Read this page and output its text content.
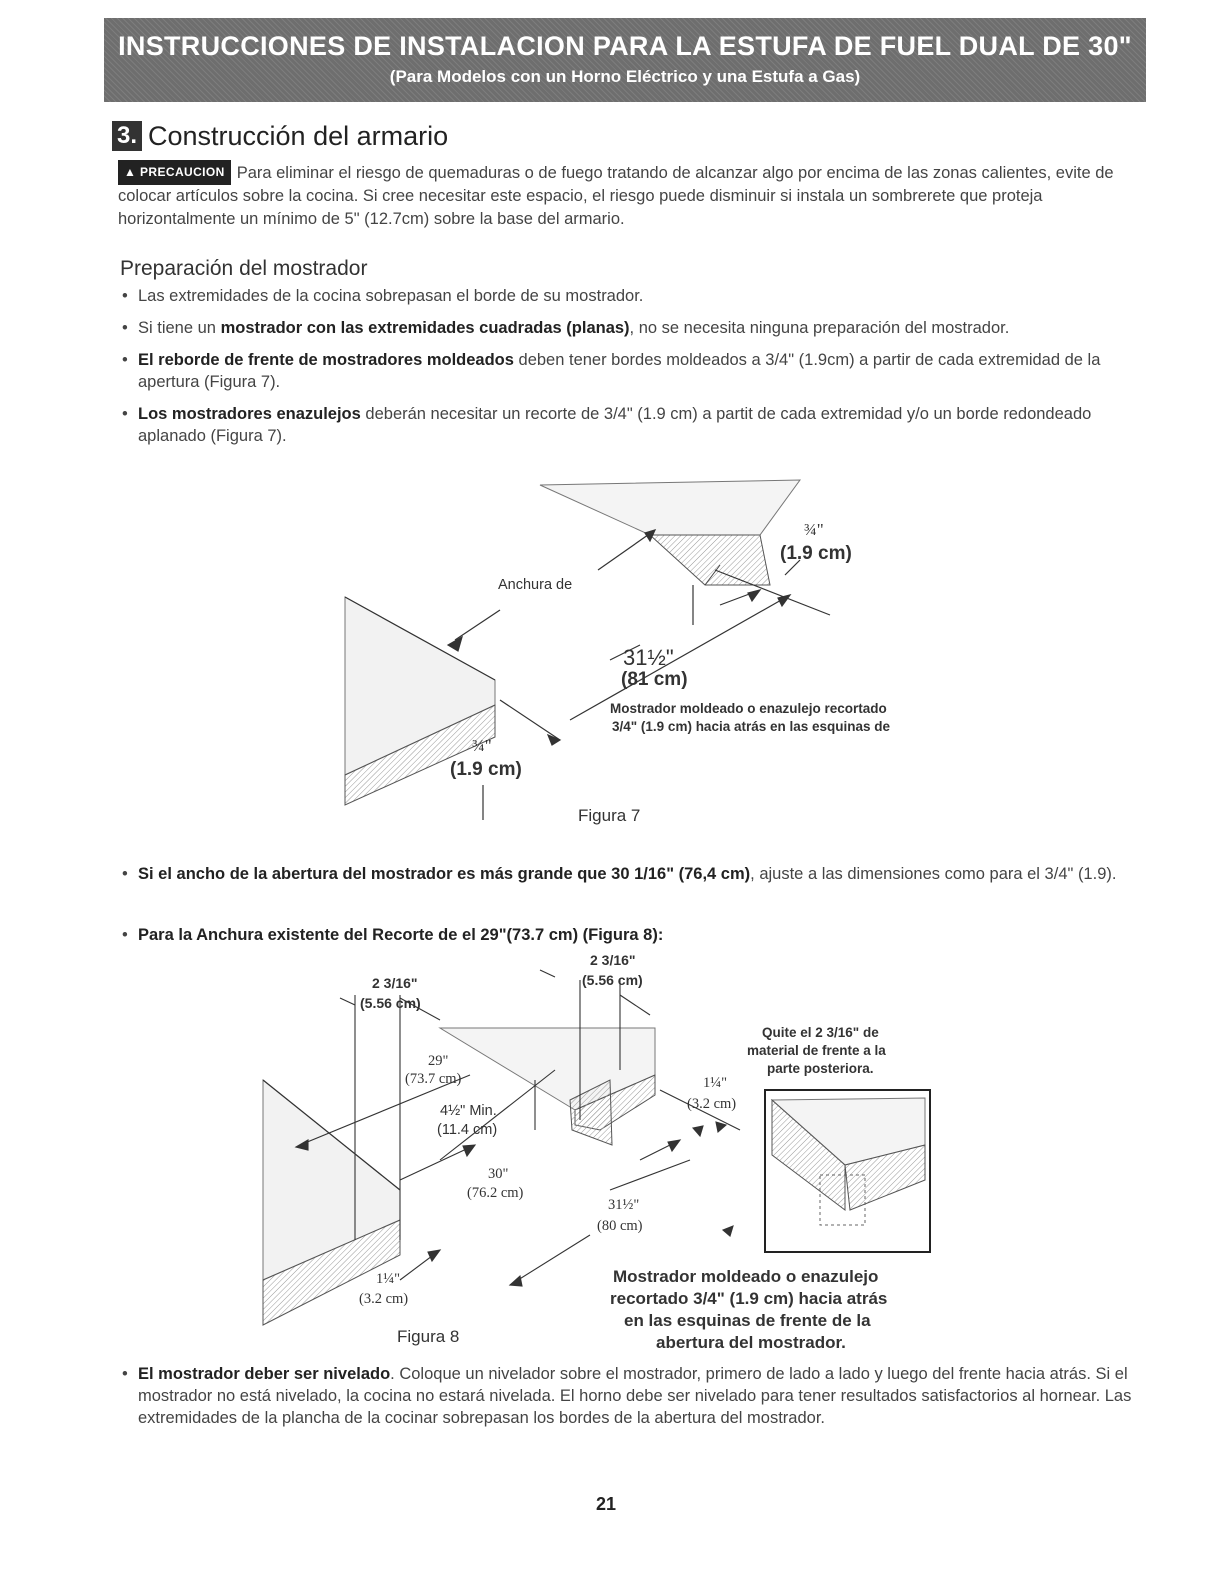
INSTRUCCIONES DE INSTALACION PARA LA ESTUFA DE FUEL DUAL DE 30"
(Para Modelos con un Horno Eléctrico y una Estufa a Gas)
3. Construcción del armario
▲ PRECAUCION Para eliminar el riesgo de quemaduras o de fuego tratando de alcanzar algo por encima de las zonas calientes, evite de colocar artículos sobre la cocina. Si cree necesitar este espacio, el riesgo puede disminuir si instala un sombrerete que proteja horizontalmente un mínimo de 5" (12.7cm) sobre la base del armario.
Preparación del mostrador
• Las extremidades de la cocina sobrepasan el borde de su mostrador.
• Si tiene un mostrador con las extremidades cuadradas (planas), no se necesita ninguna preparación del mostrador.
• El reborde de frente de mostradores moldeados deben tener bordes moldeados a 3/4" (1.9cm) a partir de cada extremidad de la apertura (Figura 7).
• Los mostradores enazulejos deberán necesitar un recorte de 3/4" (1.9 cm) a partit de cada extremidad y/o un borde redondeado aplanado (Figura 7).
Anchura de
¾"
(1.9 cm)
31½"
(81 cm)
Mostrador moldeado o enazulejo recortado
3/4" (1.9 cm) hacia atrás en las esquinas de
¾"
(1.9 cm)
Figura 7
• Si el ancho de la abertura del mostrador es más grande que 30 1/16" (76,4 cm), ajuste a las dimensiones como para el 3/4" (1.9).
• Para la Anchura existente del Recorte de el 29"(73.7 cm) (Figura 8):
2 3/16"
(5.56 cm)
2 3/16"
(5.56 cm)
29"
(73.7 cm)
4½" Min.
(11.4 cm)
30"
(76.2 cm)
1¼"
(3.2 cm)
31½"
(80 cm)
1¼"
(3.2 cm)
Quite el 2 3/16" de
material de frente a la
parte posteriora.
Mostrador moldeado o enazulejo
recortado 3/4" (1.9 cm) hacia atrás
en las esquinas de frente de la
abertura del mostrador.
Figura 8
• El mostrador deber ser nivelado. Coloque un nivelador sobre el mostrador, primero de lado a lado y luego del frente hacia atrás. Si el mostrador no está nivelado, la cocina no estará nivelada. El horno debe ser nivelado para tener resultados satisfactorios al hornear. Las extremidades de la plancha de la cocinar sobrepasan los bordes de la abertura del mostrador.
21
